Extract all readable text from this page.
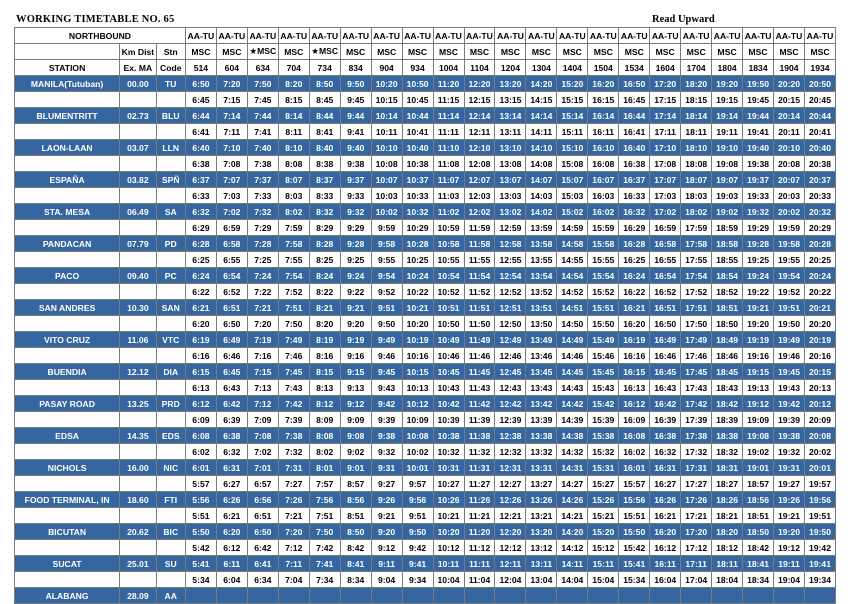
WORKING TIMETABLE NO. 65	Read Upward
NORTHBOUND			AA-TU	AA-TU	AA-TU	AA-TU	AA-TU	AA-TU	AA-TU	AA-TU	AA-TU	AA-TU	AA-TU	AA-TU	AA-TU	AA-TU	AA-TU	AA-TU	AA-TU	AA-TU	AA-TU	AA-TU	AA-TU
	Km Dist	Stn	MSC	MSC	★MSC	MSC	★MSC	MSC	MSC	MSC	MSC	MSC	MSC	MSC	MSC	MSC	MSC	MSC	MSC	MSC	MSC	MSC	MSC
STATION	Ex. MA	Code	514	604	634	704	734	834	904	934	1004	1104	1204	1304	1404	1504	1534	1604	1704	1804	1834	1904	1934
MANILA(Tutuban)	00.00	TU	6:50	7:20	7:50	8:20	8:50	9:50	10:20	10:50	11:20	12:20	13:20	14:20	15:20	16:20	16:50	17:20	18:20	19:20	19:50	20:20	20:50
			6:45	7:15	7:45	8:15	8:45	9:45	10:15	10:45	11:15	12:15	13:15	14:15	15:15	16:15	16:45	17:15	18:15	19:15	19:45	20:15	20:45
BLUMENTRITT	02.73	BLU	6:44	7:14	7:44	8:14	8:44	9:44	10:14	10:44	11:14	12:14	13:14	14:14	15:14	16:14	16:44	17:14	18:14	19:14	19:44	20:14	20:44
			6:41	7:11	7:41	8:11	8:41	9:41	10:11	10:41	11:11	12:11	13:11	14:11	15:11	16:11	16:41	17:11	18:11	19:11	19:41	20:11	20:41
LAON-LAAN	03.07	LLN	6:40	7:10	7:40	8:10	8:40	9:40	10:10	10:40	11:10	12:10	13:10	14:10	15:10	16:10	16:40	17:10	18:10	19:10	19:40	20:10	20:40
			6:38	7:08	7:38	8:08	8:38	9:38	10:08	10:38	11:08	12:08	13:08	14:08	15:08	16:08	16:38	17:08	18:08	19:08	19:38	20:08	20:38
ESPAÑA	03.82	SPÑ	6:37	7:07	7:37	8:07	8:37	9:37	10:07	10:37	11:07	12:07	13:07	14:07	15:07	16:07	16:37	17:07	18:07	19:07	19:37	20:07	20:37
			6:33	7:03	7:33	8:03	8:33	9:33	10:03	10:33	11:03	12:03	13:03	14:03	15:03	16:03	16:33	17:03	18:03	19:03	19:33	20:03	20:33
STA. MESA	06.49	SA	6:32	7:02	7:32	8:02	8:32	9:32	10:02	10:32	11:02	12:02	13:02	14:02	15:02	16:02	16:32	17:02	18:02	19:02	19:32	20:02	20:32
			6:29	6:59	7:29	7:59	8:29	9:29	9:59	10:29	10:59	11:59	12:59	13:59	14:59	15:59	16:29	16:59	17:59	18:59	19:29	19:59	20:29
PANDACAN	07.79	PD	6:28	6:58	7:28	7:58	8:28	9:28	9:58	10:28	10:58	11:58	12:58	13:58	14:58	15:58	16:28	16:58	17:58	18:58	19:28	19:58	20:28
			6:25	6:55	7:25	7:55	8:25	9:25	9:55	10:25	10:55	11:55	12:55	13:55	14:55	15:55	16:25	16:55	17:55	18:55	19:25	19:55	20:25
PACO	09.40	PC	6:24	6:54	7:24	7:54	8:24	9:24	9:54	10:24	10:54	11:54	12:54	13:54	14:54	15:54	16:24	16:54	17:54	18:54	19:24	19:54	20:24
			6:22	6:52	7:22	7:52	8:22	9:22	9:52	10:22	10:52	11:52	12:52	13:52	14:52	15:52	16:22	16:52	17:52	18:52	19:22	19:52	20:22
SAN ANDRES	10.30	SAN	6:21	6:51	7:21	7:51	8:21	9:21	9:51	10:21	10:51	11:51	12:51	13:51	14:51	15:51	16:21	16:51	17:51	18:51	19:21	19:51	20:21
			6:20	6:50	7:20	7:50	8:20	9:20	9:50	10:20	10:50	11:50	12:50	13:50	14:50	15:50	16:20	16:50	17:50	18:50	19:20	19:50	20:20
VITO CRUZ	11.06	VTC	6:19	6:49	7:19	7:49	8:19	9:19	9:49	10:19	10:49	11:49	12:49	13:49	14:49	15:49	16:19	16:49	17:49	18:49	19:19	19:49	20:19
			6:16	6:46	7:16	7:46	8:16	9:16	9:46	10:16	10:46	11:46	12:46	13:46	14:46	15:46	16:16	16:46	17:46	18:46	19:16	19:46	20:16
BUENDIA	12.12	DIA	6:15	6:45	7:15	7:45	8:15	9:15	9:45	10:15	10:45	11:45	12:45	13:45	14:45	15:45	16:15	16:45	17:45	18:45	19:15	19:45	20:15
			6:13	6:43	7:13	7:43	8:13	9:13	9:43	10:13	10:43	11:43	12:43	13:43	14:43	15:43	16:13	16:43	17:43	18:43	19:13	19:43	20:13
PASAY ROAD	13.25	PRD	6:12	6:42	7:12	7:42	8:12	9:12	9:42	10:12	10:42	11:42	12:42	13:42	14:42	15:42	16:12	16:42	17:42	18:42	19:12	19:42	20:12
			6:09	6:39	7:09	7:39	8:09	9:09	9:39	10:09	10:39	11:39	12:39	13:39	14:39	15:39	16:09	16:39	17:39	18:39	19:09	19:39	20:09
EDSA	14.35	EDS	6:08	6:38	7:08	7:38	8:08	9:08	9:38	10:08	10:38	11:38	12:38	13:38	14:38	15:38	16:08	16:38	17:38	18:38	19:08	19:38	20:08
			6:02	6:32	7:02	7:32	8:02	9:02	9:32	10:02	10:32	11:32	12:32	13:32	14:32	15:32	16:02	16:32	17:32	18:32	19:02	19:32	20:02
NICHOLS	16.00	NIC	6:01	6:31	7:01	7:31	8:01	9:01	9:31	10:01	10:31	11:31	12:31	13:31	14:31	15:31	16:01	16:31	17:31	18:31	19:01	19:31	20:01
			5:57	6:27	6:57	7:27	7:57	8:57	9:27	9:57	10:27	11:27	12:27	13:27	14:27	15:27	15:57	16:27	17:27	18:27	18:57	19:27	19:57
FOOD TERMINAL, IN	18.60	FTI	5:56	6:26	6:56	7:26	7:56	8:56	9:26	9:56	10:26	11:26	12:26	13:26	14:26	15:26	15:56	16:26	17:26	18:26	18:56	19:26	19:56
			5:51	6:21	6:51	7:21	7:51	8:51	9:21	9:51	10:21	11:21	12:21	13:21	14:21	15:21	15:51	16:21	17:21	18:21	18:51	19:21	19:51
BICUTAN	20.62	BIC	5:50	6:20	6:50	7:20	7:50	8:50	9:20	9:50	10:20	11:20	12:20	13:20	14:20	15:20	15:50	16:20	17:20	18:20	18:50	19:20	19:50
			5:42	6:12	6:42	7:12	7:42	8:42	9:12	9:42	10:12	11:12	12:12	13:12	14:12	15:12	15:42	16:12	17:12	18:12	18:42	19:12	19:42
SUCAT	25.01	SU	5:41	6:11	6:41	7:11	7:41	8:41	9:11	9:41	10:11	11:11	12:11	13:11	14:11	15:11	15:41	16:11	17:11	18:11	18:41	19:11	19:41
			5:34	6:04	6:34	7:04	7:34	8:34	9:04	9:34	10:04	11:04	12:04	13:04	14:04	15:04	15:34	16:04	17:04	18:04	18:34	19:04	19:34
ALABANG	28.09	AA																					
